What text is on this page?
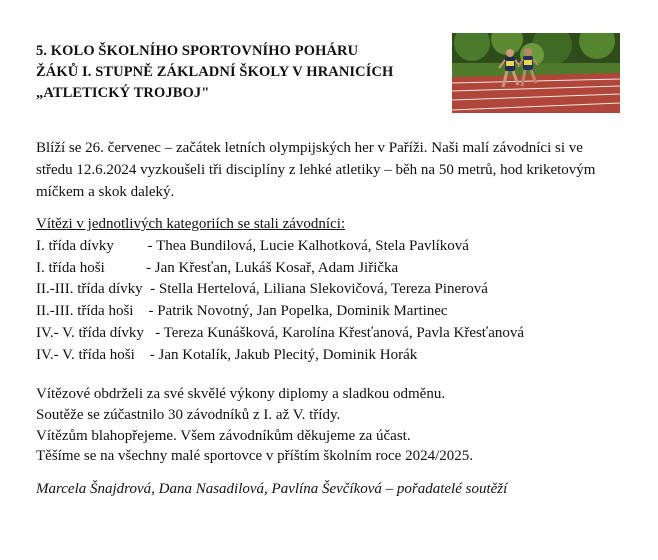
5. KOLO ŠKOLNÍHO SPORTOVNÍHO POHÁRU
ŽÁKŮ I. STUPNĚ ZÁKLADNÍ ŠKOLY V HRANICÍCH
„ATLETICKÝ TROJBOJ"
Blíží se 26. červenec – začátek letních olympijských her v Paříži. Naši malí závodníci si ve
středu 12.6.2024 vyzkoušeli tři disciplíny z lehké atletiky – běh na 50 metrů, hod kriketovým
míčkem a skok daleký.
Vítězi v jednotlivých kategoriích se stali závodníci:
I. třída dívky - Thea Bundilová, Lucie Kalhotková, Stela Pavlíková
I. třída hoši - Jan Křesťan, Lukáš Kosař, Adam Jiřička
II.-III. třída dívky - Stella Hertelová, Liliana Slekovičová, Tereza Pinerová
II.-III. třída hoši - Patrik Novotný, Jan Popelka, Dominik Martinec
IV.- V. třída dívky - Tereza Kunášková, Karolína Křesťanová, Pavla Křesťanová
IV.- V. třída hoši - Jan Kotalík, Jakub Plecitý, Dominik Horák
Vítězové obdrželi za své skvělé výkony diplomy a sladkou odměnu.
Soutěže se zúčastnilo 30 závodníků z I. až V. třídy.
Vítězům blahopřejeme. Všem závodníkům děkujeme za účast.
Těšíme se na všechny malé sportovce v příštím školním roce 2024/2025.
Marcela Šnajdrová, Dana Nasadilová, Pavlína Ševčíková – pořadatelé soutěží
